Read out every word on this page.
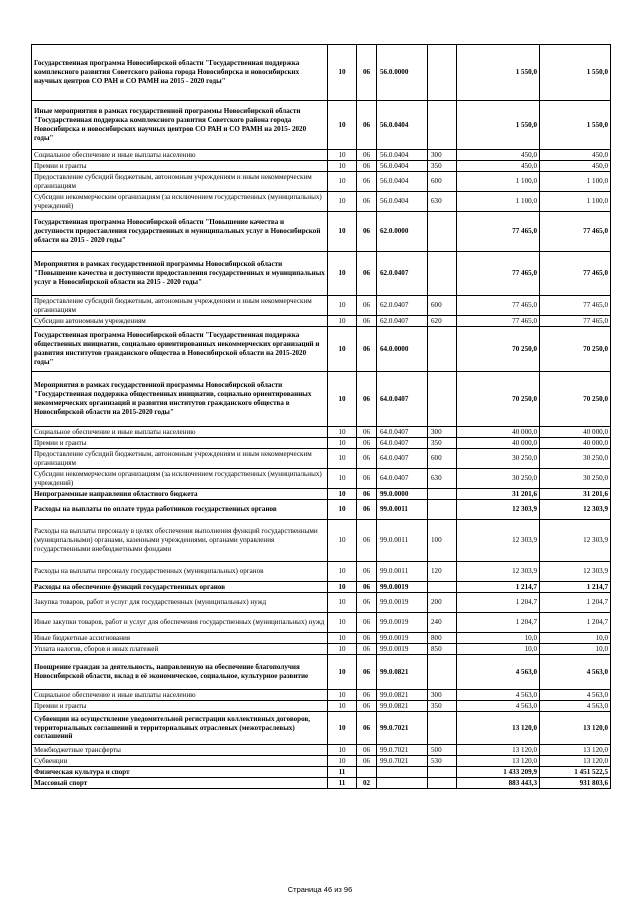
Государственная программа Новосибирской области "Государственная поддержка комплексного развития Советского района города Новосибирска и новосибирских научных центров СО РАН и СО РАМН на 2015 - 2020 годы"	10	06	56.0.0000		1 550,0	1 550,0
Иные мероприятия в рамках государственной программы Новосибирской области "Государственная поддержка комплексного развития Советского района города Новосибирска и новосибирских научных центров СО РАН и СО РАМН на 2015- 2020 годы"	10	06	56.0.0404		1 550,0	1 550,0
Социальное обеспечение и иные выплаты населению	10	06	56.0.0404	300	450,0	450,0
Премии и гранты	10	06	56.0.0404	350	450,0	450,0
Предоставление субсидий бюджетным, автономным учреждениям и иным некоммерческим организациям	10	06	56.0.0404	600	1 100,0	1 100,0
Субсидии некоммерческим организациям (за исключением государственных (муниципальных) учреждений)	10	06	56.0.0404	630	1 100,0	1 100,0
Государственная программа Новосибирской области "Повышение качества и доступности предоставления государственных и муниципальных услуг в Новосибирской области на 2015 - 2020 годы"	10	06	62.0.0000		77 465,0	77 465,0
Мероприятия в рамках государственной программы Новосибирской области "Повышение качества и доступности предоставления государственных и муниципальных услуг в Новосибирской области на 2015 - 2020 годы"	10	06	62.0.0407		77 465,0	77 465,0
Предоставление субсидий бюджетным, автономным учреждениям и иным некоммерческим организациям	10	06	62.0.0407	600	77 465,0	77 465,0
Субсидии автономным учреждениям	10	06	62.0.0407	620	77 465,0	77 465,0
Государственная программа Новосибирской области "Государственная поддержка общественных инициатив, социально ориентированных некоммерческих организаций и развития институтов гражданского общества в Новосибирской области на 2015-2020 годы"	10	06	64.0.0000		70 250,0	70 250,0
Мероприятия в рамках государственной программы Новосибирской области "Государственная поддержка общественных инициатив, социально ориентированных некоммерческих организаций и развития институтов гражданского общества в Новосибирской области на 2015-2020 годы"	10	06	64.0.0407		70 250,0	70 250,0
Социальное обеспечение и иные выплаты населению	10	06	64.0.0407	300	40 000,0	40 000,0
Премии и гранты	10	06	64.0.0407	350	40 000,0	40 000,0
Предоставление субсидий бюджетным, автономным учреждениям и иным некоммерческим организациям	10	06	64.0.0407	600	30 250,0	30 250,0
Субсидии некоммерческим организациям (за исключением государственных (муниципальных) учреждений)	10	06	64.0.0407	630	30 250,0	30 250,0
Непрограммные направления областного бюджета	10	06	99.0.0000		31 201,6	31 201,6
Расходы на выплаты по оплате труда работников государственных органов	10	06	99.0.0011		12 303,9	12 303,9
Расходы на выплаты персоналу в целях обеспечения выполнения функций государственными (муниципальными) органами, казенными учреждениями, органами управления государственными внебюджетными фондами	10	06	99.0.0011	100	12 303,9	12 303,9
Расходы на выплаты персоналу государственных (муниципальных) органов	10	06	99.0.0011	120	12 303,9	12 303,9
Расходы на обеспечение функций государственных органов	10	06	99.0.0019		1 214,7	1 214,7
Закупка товаров, работ и услуг для государственных (муниципальных) нужд	10	06	99.0.0019	200	1 204,7	1 204,7
Иные закупки товаров, работ и услуг для обеспечения государственных (муниципальных) нужд	10	06	99.0.0019	240	1 204,7	1 204,7
Иные бюджетные ассигнования	10	06	99.0.0019	800	10,0	10,0
Уплата налогов, сборов и иных платежей	10	06	99.0.0019	850	10,0	10,0
Поощрение граждан за деятельность, направленную на обеспечение благополучия Новосибирской области, вклад в её экономическое, социальное, культурное развитие	10	06	99.0.0821		4 563,0	4 563,0
Социальное обеспечение и иные выплаты населению	10	06	99.0.0821	300	4 563,0	4 563,0
Премии и гранты	10	06	99.0.0821	350	4 563,0	4 563,0
Субвенции на осуществление уведомительной регистрации коллективных договоров, территориальных соглашений и территориальных отраслевых (межотраслевых) соглашений	10	06	99.0.7021		13 120,0	13 120,0
Межбюджетные трансферты	10	06	99.0.7021	500	13 120,0	13 120,0
Субвенции	10	06	99.0.7021	530	13 120,0	13 120,0
Физическая культура и спорт	11				1 433 209,9	1 451 522,5
Массовый спорт	11	02			883 443,3	931 803,6
Страница 46 из 96
